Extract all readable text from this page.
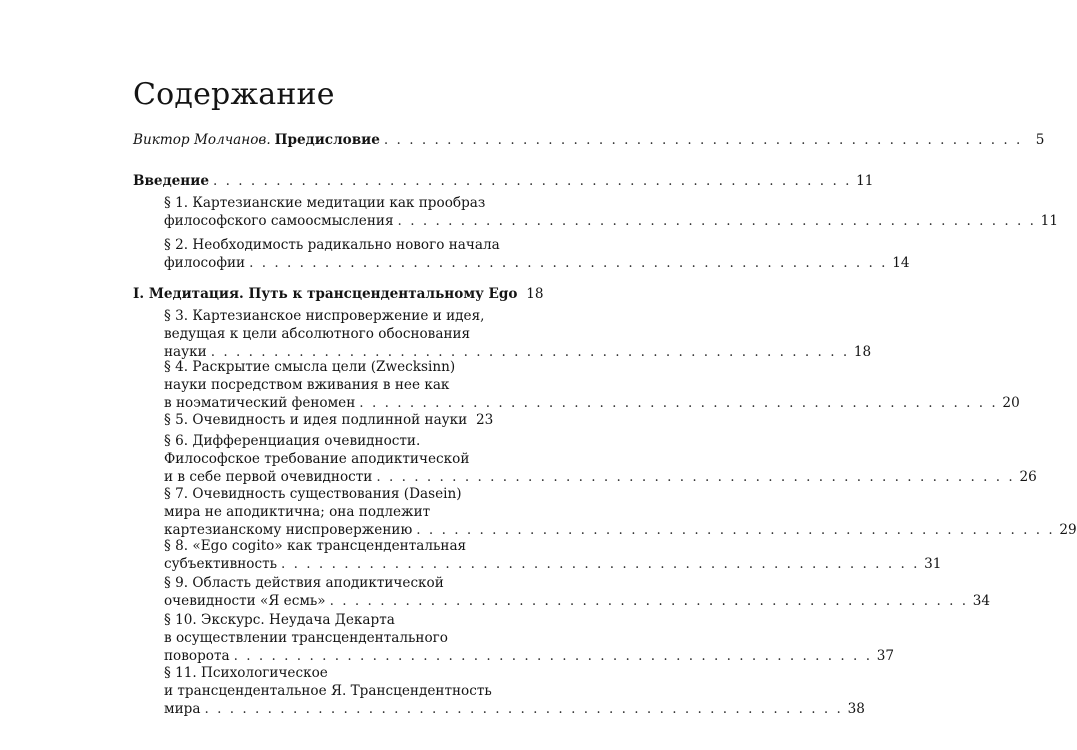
Содержание
Виктор Молчанов. Предисловие . . . . . . . . . . . . . . . . . . . . . . . . . . . . . . . . . . . . . . . . . . . . . . . . . . . 5
Введение . . . . . . . . . . . . . . . . . . . . . . . . . . . . . . . . . . . . . . . . . . . . . . . . . . . 11
§ 1. Картезианские медитации как прообраз
философского самоосмысления . . . . . . . . . . . . . . . . . . . . . . . . . . . . . . . . . . . . . . . . . . . . . . . . . . . 11
§ 2. Необходимость радикально нового начала
философии . . . . . . . . . . . . . . . . . . . . . . . . . . . . . . . . . . . . . . . . . . . . . . . . . . . 14
I. Медитация. Путь к трансцендентальному Ego 18
§ 3. Картезианское ниспровержение и идея,
ведущая к цели абсолютного обоснования
науки . . . . . . . . . . . . . . . . . . . . . . . . . . . . . . . . . . . . . . . . . . . . . . . . . . . 18
§ 4. Раскрытие смысла цели (Zwecksinn)
науки посредством вживания в нее как
в ноэматический феномен . . . . . . . . . . . . . . . . . . . . . . . . . . . . . . . . . . . . . . . . . . . . . . . . . . . 20
§ 5. Очевидность и идея подлинной науки 23
§ 6. Дифференциация очевидности.
Философское требование аподиктической
и в себе первой очевидности . . . . . . . . . . . . . . . . . . . . . . . . . . . . . . . . . . . . . . . . . . . . . . . . . . . 26
§ 7. Очевидность существования (Dasein)
мира не аподиктична; она подлежит
картезианскому ниспровержению . . . . . . . . . . . . . . . . . . . . . . . . . . . . . . . . . . . . . . . . . . . . . . . . . . . 29
§ 8. «Ego cogito» как трансцендентальная
субъективность . . . . . . . . . . . . . . . . . . . . . . . . . . . . . . . . . . . . . . . . . . . . . . . . . . . 31
§ 9. Область действия аподиктической
очевидности «Я есмь» . . . . . . . . . . . . . . . . . . . . . . . . . . . . . . . . . . . . . . . . . . . . . . . . . . . 34
§ 10. Экскурс. Неудача Декарта
в осуществлении трансцендентального
поворота . . . . . . . . . . . . . . . . . . . . . . . . . . . . . . . . . . . . . . . . . . . . . . . . . . . 37
§ 11. Психологическое
и трансцендентальное Я. Трансцендентность
мира . . . . . . . . . . . . . . . . . . . . . . . . . . . . . . . . . . . . . . . . . . . . . . . . . . . 38
